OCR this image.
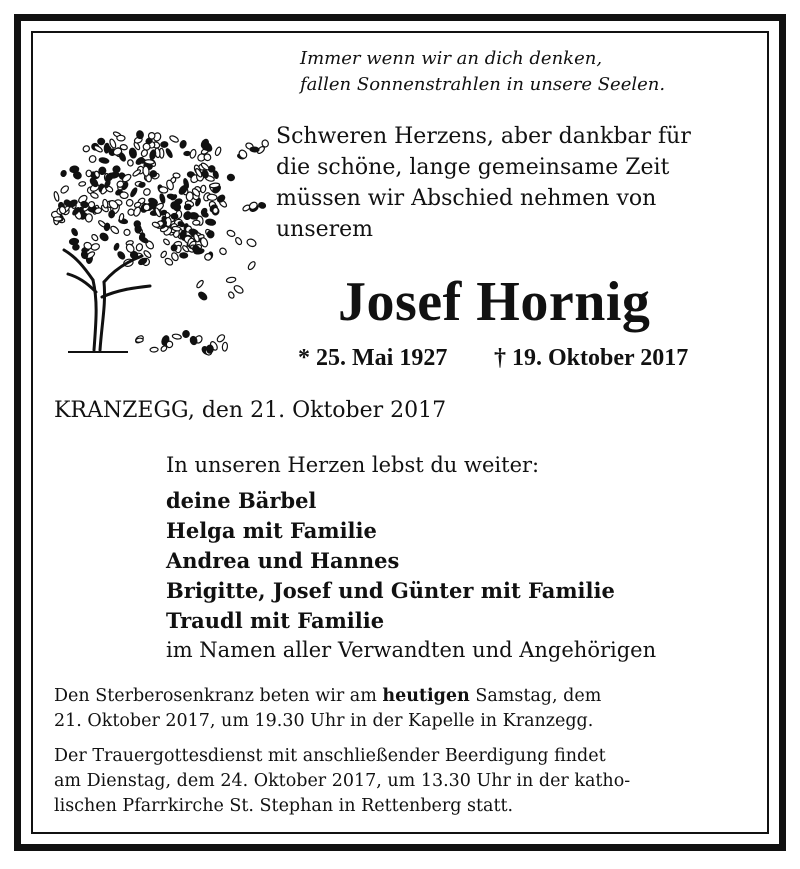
Immer wenn wir an dich denken,
fallen Sonnenstrahlen in unsere Seelen.
Schweren Herzens, aber dankbar für
die schöne, lange gemeinsame Zeit
müssen wir Abschied nehmen von
unserem
Josef Hornig
* 25. Mai 1927 † 19. Oktober 2017
KRANZEGG, den 21. Oktober 2017
In unseren Herzen lebst du weiter:
deine Bärbel
Helga mit Familie
Andrea und Hannes
Brigitte, Josef und Günter mit Familie
Traudl mit Familie
im Namen aller Verwandten und Angehörigen
Den Sterberosenkranz beten wir am heutigen Samstag, dem
21. Oktober 2017, um 19.30 Uhr in der Kapelle in Kranzegg.
Der Trauergottesdienst mit anschließender Beerdigung findet
am Dienstag, dem 24. Oktober 2017, um 13.30 Uhr in der katho-
lischen Pfarrkirche St. Stephan in Rettenberg statt.
